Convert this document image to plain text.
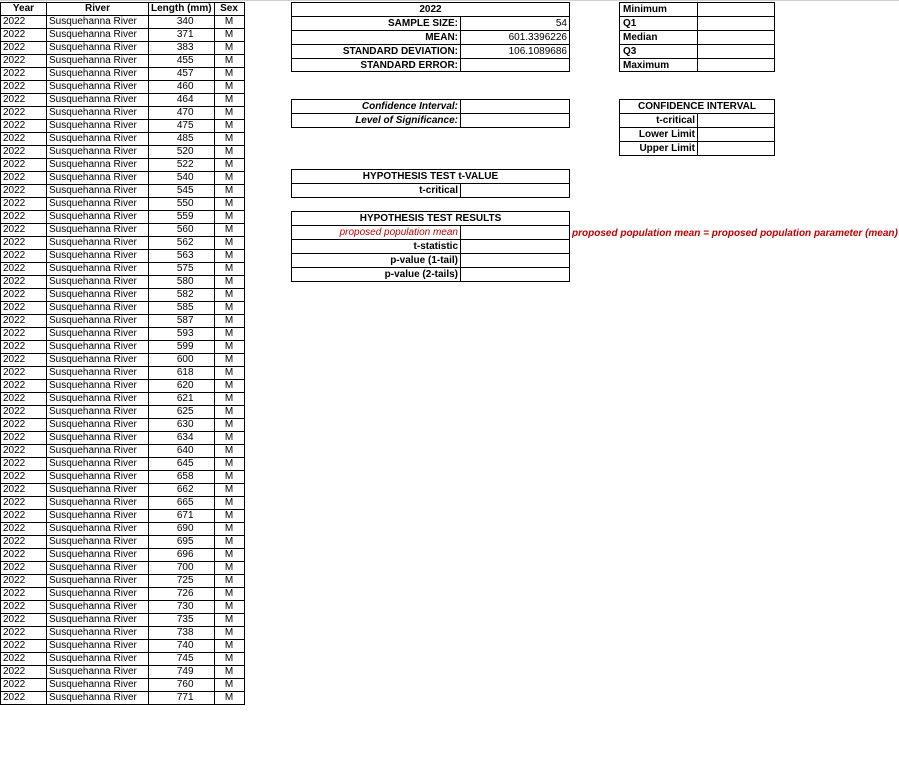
Year	River	Length (mm)	Sex
2022	Susquehanna River	340	M
2022	Susquehanna River	371	M
2022	Susquehanna River	383	M
2022	Susquehanna River	455	M
2022	Susquehanna River	457	M
2022	Susquehanna River	460	M
2022	Susquehanna River	464	M
2022	Susquehanna River	470	M
2022	Susquehanna River	475	M
2022	Susquehanna River	485	M
2022	Susquehanna River	520	M
2022	Susquehanna River	522	M
2022	Susquehanna River	540	M
2022	Susquehanna River	545	M
2022	Susquehanna River	550	M
2022	Susquehanna River	559	M
2022	Susquehanna River	560	M
2022	Susquehanna River	562	M
2022	Susquehanna River	563	M
2022	Susquehanna River	575	M
2022	Susquehanna River	580	M
2022	Susquehanna River	582	M
2022	Susquehanna River	585	M
2022	Susquehanna River	587	M
2022	Susquehanna River	593	M
2022	Susquehanna River	599	M
2022	Susquehanna River	600	M
2022	Susquehanna River	618	M
2022	Susquehanna River	620	M
2022	Susquehanna River	621	M
2022	Susquehanna River	625	M
2022	Susquehanna River	630	M
2022	Susquehanna River	634	M
2022	Susquehanna River	640	M
2022	Susquehanna River	645	M
2022	Susquehanna River	658	M
2022	Susquehanna River	662	M
2022	Susquehanna River	665	M
2022	Susquehanna River	671	M
2022	Susquehanna River	690	M
2022	Susquehanna River	695	M
2022	Susquehanna River	696	M
2022	Susquehanna River	700	M
2022	Susquehanna River	725	M
2022	Susquehanna River	726	M
2022	Susquehanna River	730	M
2022	Susquehanna River	735	M
2022	Susquehanna River	738	M
2022	Susquehanna River	740	M
2022	Susquehanna River	745	M
2022	Susquehanna River	749	M
2022	Susquehanna River	760	M
2022	Susquehanna River	771	M
2022
SAMPLE SIZE:	54
MEAN:	601.3396226
STANDARD DEVIATION:	106.1089686
STANDARD ERROR:
Minimum
Q1
Median
Q3
Maximum
Confidence Interval:
Level of Significance:
CONFIDENCE INTERVAL
t-critical
Lower Limit
Upper Limit
HYPOTHESIS TEST t-VALUE
t-critical
HYPOTHESIS TEST RESULTS
proposed population mean
t-statistic
p-value (1-tail)
p-value (2-tails)
proposed population mean = proposed population parameter (mean)
